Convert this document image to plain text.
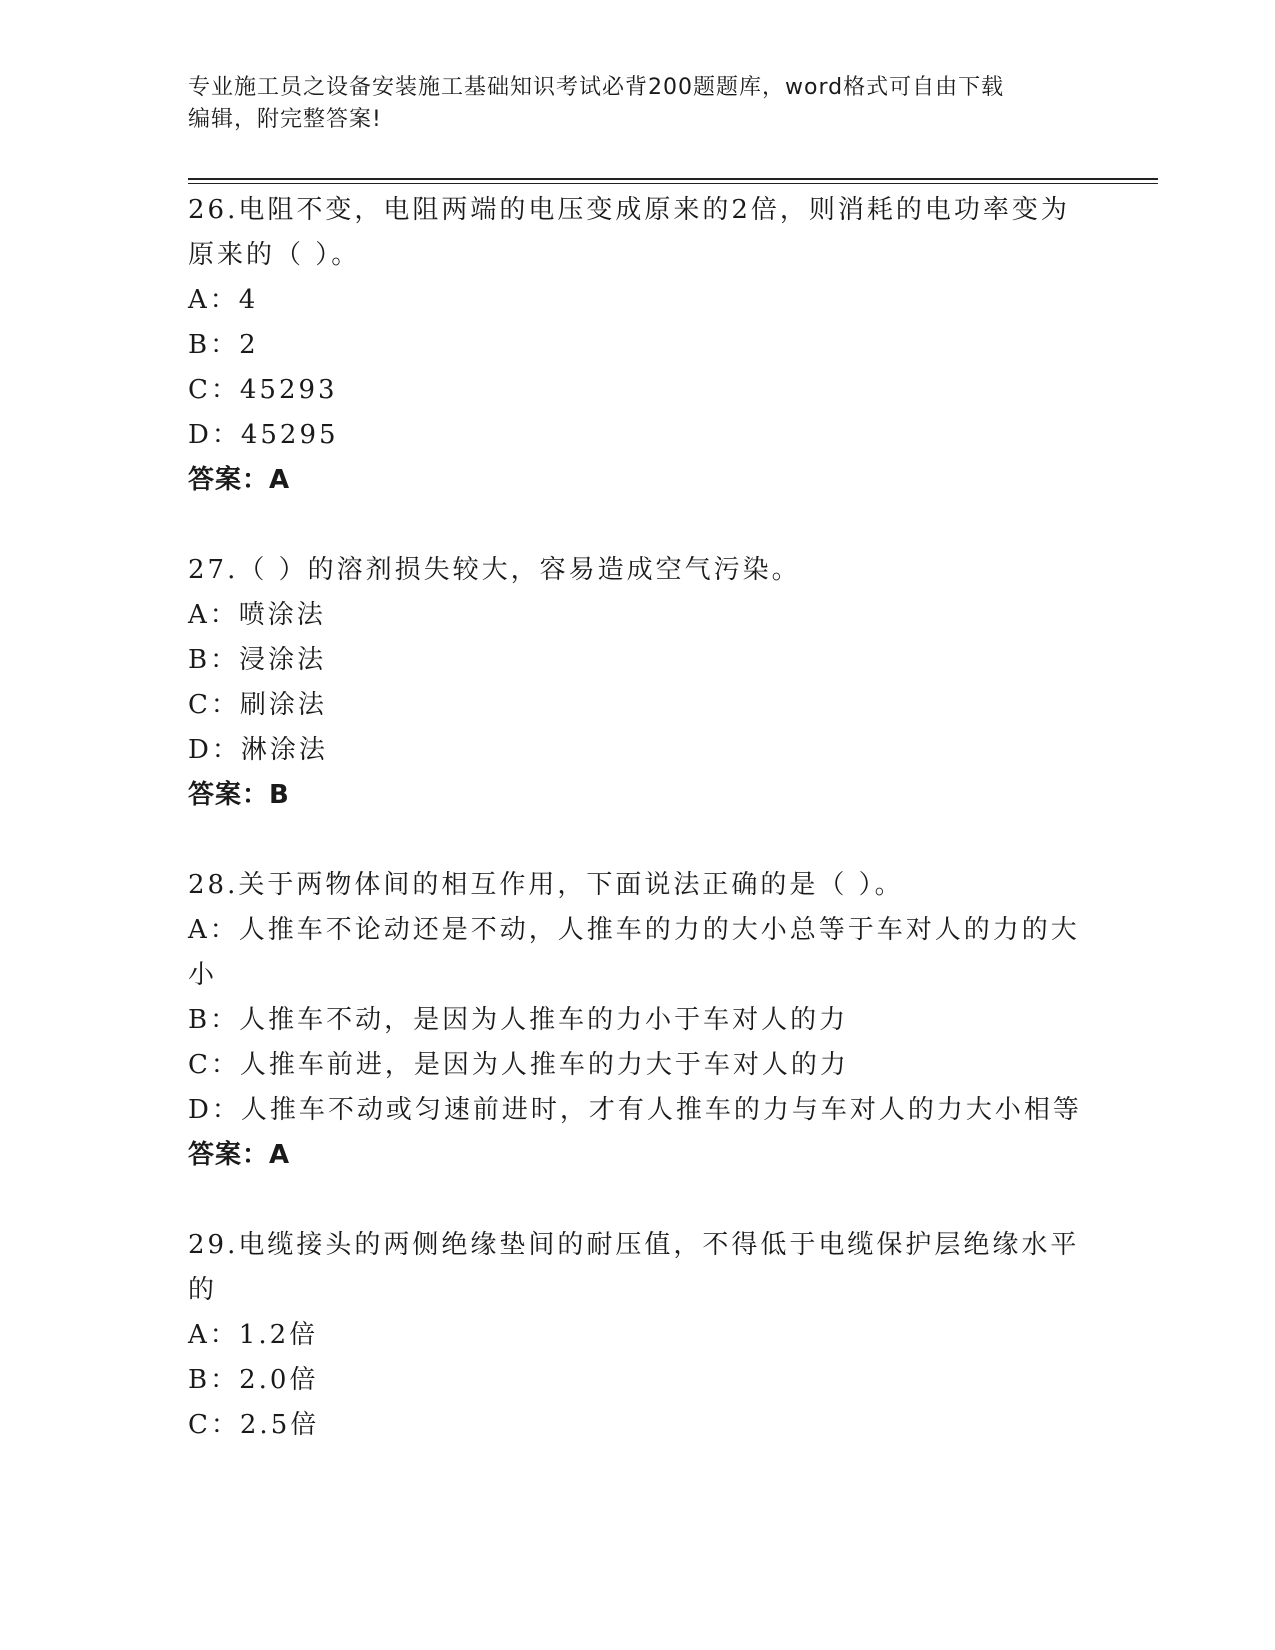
专业施工员之设备安装施工基础知识考试必背200题题库，word格式可自由下载
编辑，附完整答案!
26.电阻不变，电阻两端的电压变成原来的2倍，则消耗的电功率变为原来的（ ）。
A：4
B：2
C：45293
D：45295
答案：A
27.（ ）的溶剂损失较大，容易造成空气污染。
A：喷涂法
B：浸涂法
C：刷涂法
D：淋涂法
答案：B
28.关于两物体间的相互作用，下面说法正确的是（ ）。
A：人推车不论动还是不动，人推车的力的大小总等于车对人的力的大小
B：人推车不动，是因为人推车的力小于车对人的力
C：人推车前进，是因为人推车的力大于车对人的力
D：人推车不动或匀速前进时，才有人推车的力与车对人的力大小相等
答案：A
29.电缆接头的两侧绝缘垫间的耐压值，不得低于电缆保护层绝缘水平的
A：1.2倍
B：2.0倍
C：2.5倍
